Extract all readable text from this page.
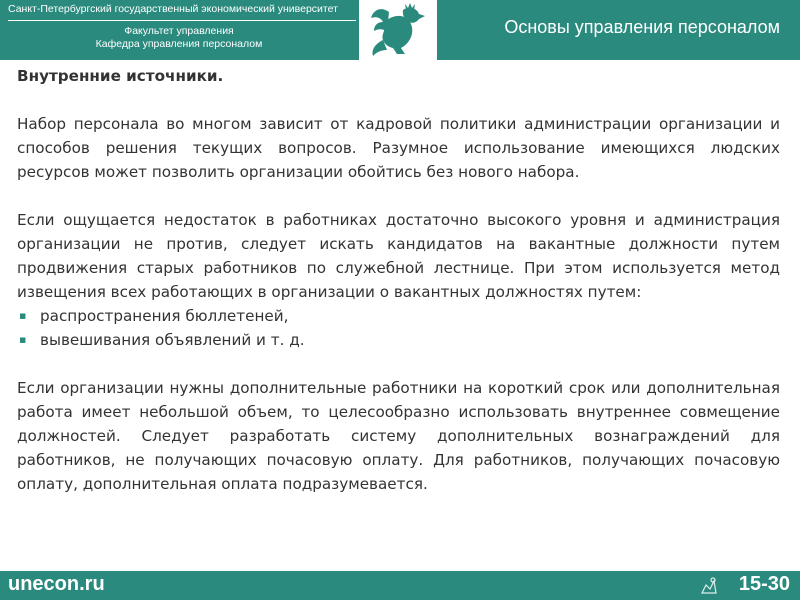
Санкт-Петербургский государственный экономический университет
Факультет управления
Кафедра управления персоналом
Основы управления персоналом
Внутренние источники.

Набор персонала во многом зависит от кадровой политики администрации организации и способов решения текущих вопросов. Разумное использование имеющихся людских ресурсов может позволить организации обойтись без нового набора.

Если ощущается недостаток в работниках достаточно высокого уровня и администрация организации не против, следует искать кандидатов на вакантные должности путем продвижения старых работников по служебной лестнице. При этом используется метод извещения всех работающих в организации о вакантных должностях путем:

▪ распространения бюллетеней,
▪ вывешивания объявлений и т. д.

Если организации нужны дополнительные работники на короткий срок или дополнительная работа имеет небольшой объем, то целесообразно использовать внутреннее совмещение должностей. Следует разработать систему дополнительных вознаграждений для работников, не получающих почасовую оплату. Для работников, получающих почасовую оплату, дополнительная оплата подразумевается.

unecon.ru	15-30
